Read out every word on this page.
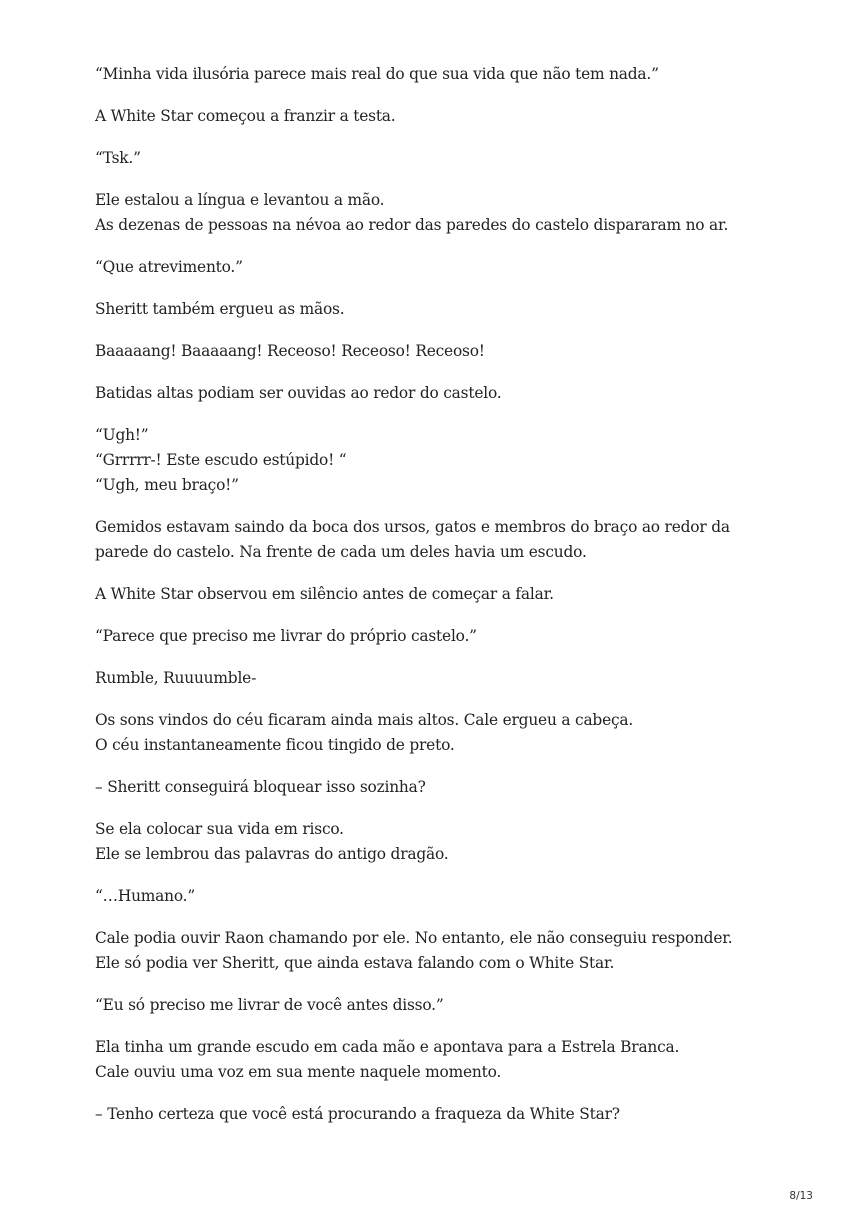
“Minha vida ilusória parece mais real do que sua vida que não tem nada.”

A White Star começou a franzir a testa.

“Tsk.”

Ele estalou a língua e levantou a mão.
As dezenas de pessoas na névoa ao redor das paredes do castelo dispararam no ar.

“Que atrevimento.”

Sheritt também ergueu as mãos.

Baaaaang! Baaaaang! Receoso! Receoso! Receoso!

Batidas altas podiam ser ouvidas ao redor do castelo.

“Ugh!”
“Grrrrr-! Este escudo estúpido! “
“Ugh, meu braço!”

Gemidos estavam saindo da boca dos ursos, gatos e membros do braço ao redor da
parede do castelo. Na frente de cada um deles havia um escudo.

A White Star observou em silêncio antes de começar a falar.

“Parece que preciso me livrar do próprio castelo.”

Rumble, Ruuuumble-

Os sons vindos do céu ficaram ainda mais altos. Cale ergueu a cabeça.
O céu instantaneamente ficou tingido de preto.

– Sheritt conseguirá bloquear isso sozinha?

Se ela colocar sua vida em risco.
Ele se lembrou das palavras do antigo dragão.

“…Humano.”

Cale podia ouvir Raon chamando por ele. No entanto, ele não conseguiu responder.
Ele só podia ver Sheritt, que ainda estava falando com o White Star.

“Eu só preciso me livrar de você antes disso.”

Ela tinha um grande escudo em cada mão e apontava para a Estrela Branca.
Cale ouviu uma voz em sua mente naquele momento.

– Tenho certeza que você está procurando a fraqueza da White Star?

8/13
